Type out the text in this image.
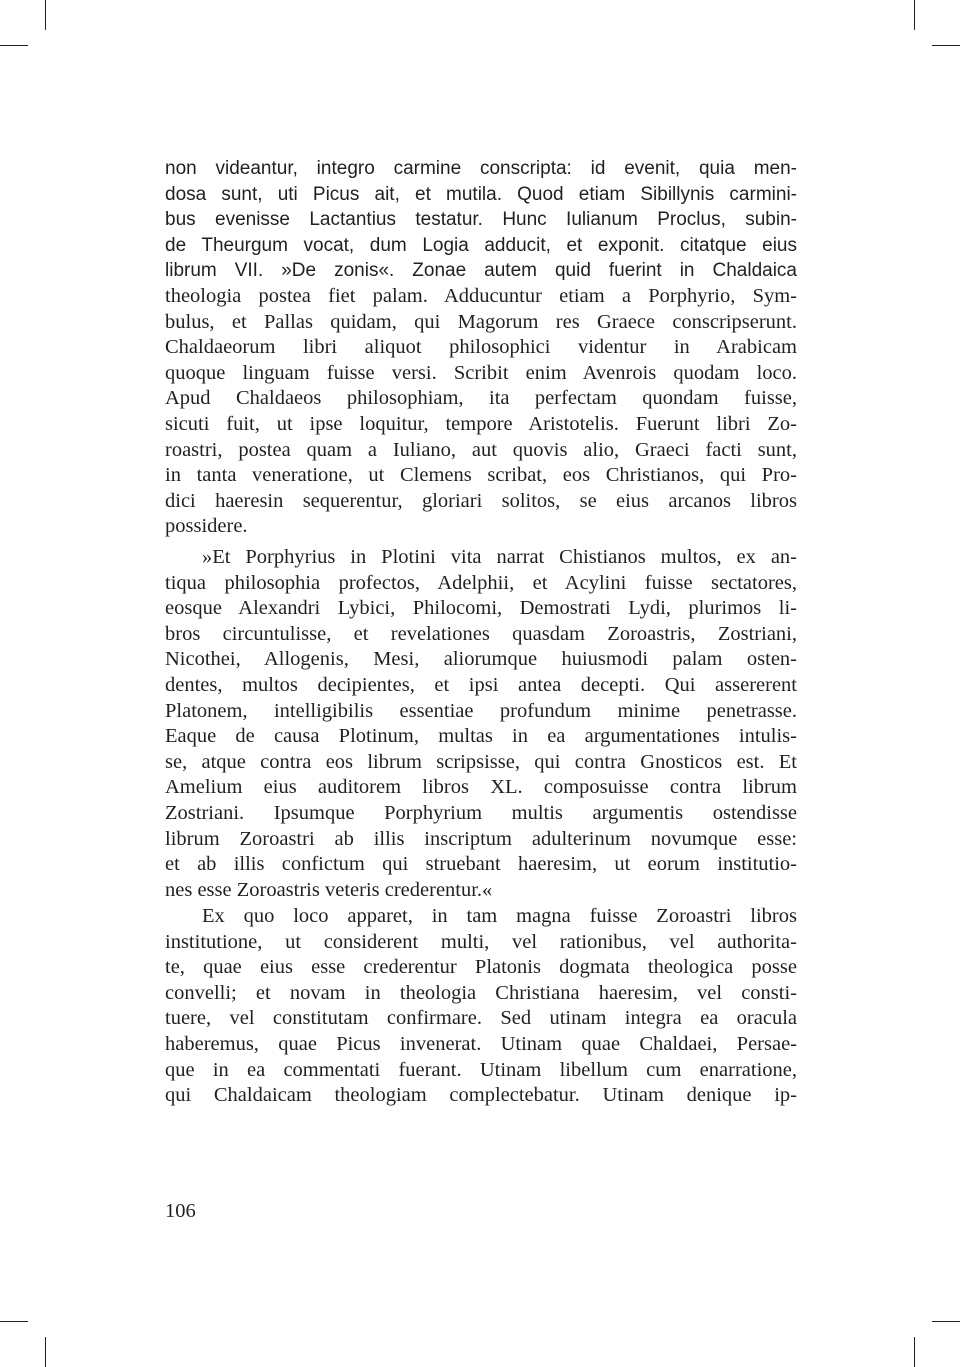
non videantur, integro carmine conscripta: id evenit, quia men-
dosa sunt, uti Picus ait, et mutila. Quod etiam Sibillynis carmini-
bus evenisse Lactantius testatur. Hunc Iulianum Proclus, subin-
de Theurgum vocat, dum Logia adducit, et exponit. citatque eius
librum VII. »De zonis«. Zonae autem quid fuerint in Chaldaica
theologia postea fiet palam. Adducuntur etiam a Porphyrio, Sym-
bulus, et Pallas quidam, qui Magorum res Graece conscripserunt.
Chaldaeorum libri aliquot philosophici videntur in Arabicam
quoque linguam fuisse versi. Scribit enim Avenrois quodam loco.
Apud Chaldaeos philosophiam, ita perfectam quondam fuisse,
sicuti fuit, ut ipse loquitur, tempore Aristotelis. Fuerunt libri Zo-
roastri, postea quam a Iuliano, aut quovis alio, Graeci facti sunt,
in tanta veneratione, ut Clemens scribat, eos Christianos, qui Pro-
dici haeresin sequerentur, gloriari solitos, se eius arcanos libros
possidere.
»Et Porphyrius in Plotini vita narrat Chistianos multos, ex an-
tiqua philosophia profectos, Adelphii, et Acylini fuisse sectatores,
eosque Alexandri Lybici, Philocomi, Demostrati Lydi, plurimos li-
bros circuntulisse, et revelationes quasdam Zoroastris, Zostriani,
Nicothei, Allogenis, Mesi, aliorumque huiusmodi palam osten-
dentes, multos decipientes, et ipsi antea decepti. Qui assererent
Platonem, intelligibilis essentiae profundum minime penetrasse.
Eaque de causa Plotinum, multas in ea argumentationes intulis-
se, atque contra eos librum scripsisse, qui contra Gnosticos est. Et
Amelium eius auditorem libros XL. composuisse contra librum
Zostriani. Ipsumque Porphyrium multis argumentis ostendisse
librum Zoroastri ab illis inscriptum adulterinum novumque esse:
et ab illis confictum qui struebant haeresim, ut eorum institutio-
nes esse Zoroastris veteris crederentur.«
Ex quo loco apparet, in tam magna fuisse Zoroastri libros
institutione, ut considerent multi, vel rationibus, vel authorita-
te, quae eius esse crederentur Platonis dogmata theologica posse
convelli; et novam in theologia Christiana haeresim, vel consti-
tuere, vel constitutam confirmare. Sed utinam integra ea oracula
haberemus, quae Picus invenerat. Utinam quae Chaldaei, Persae-
que in ea commentati fuerant. Utinam libellum cum enarratione,
qui Chaldaicam theologiam complectebatur. Utinam denique ip-
106
